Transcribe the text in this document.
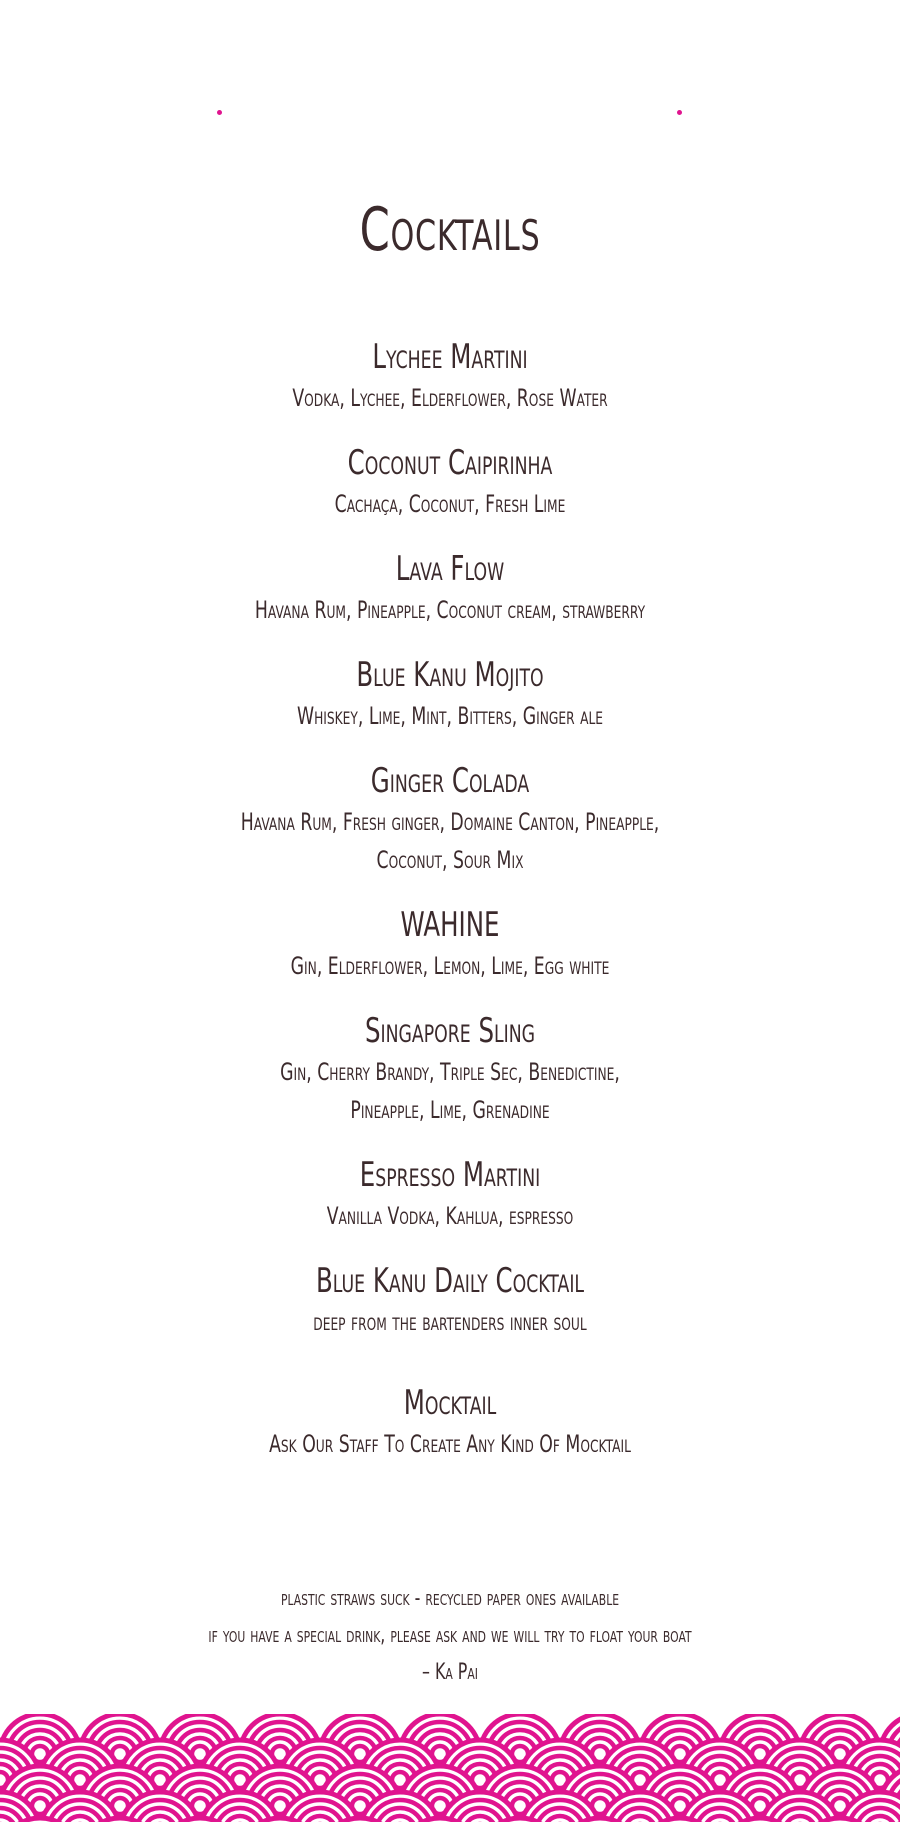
Cocktails
Lychee Martini
Vodka, Lychee, Elderflower, Rose Water
Coconut Caipirinha
Cachaça, Coconut, Fresh Lime
Lava Flow
Havana Rum, Pineapple, Coconut cream, strawberry
Blue Kanu Mojito
Whiskey, Lime, Mint, Bitters, Ginger ale
Ginger Colada
Havana Rum, Fresh ginger, Domaine Canton, Pineapple,
Coconut, Sour Mix
WAHINE
Gin, Elderflower, Lemon, Lime, Egg white
Singapore Sling
Gin, Cherry Brandy, Triple Sec, Benedictine,
Pineapple, Lime, Grenadine
Espresso Martini
Vanilla Vodka, Kahlua, espresso
Blue Kanu Daily Cocktail
deep from the bartenders inner soul
Mocktail
Ask Our Staff To Create Any Kind Of Mocktail
plastic straws suck - recycled paper ones available
if you have a special drink, please ask and we will try to float your boat
– Ka Pai
